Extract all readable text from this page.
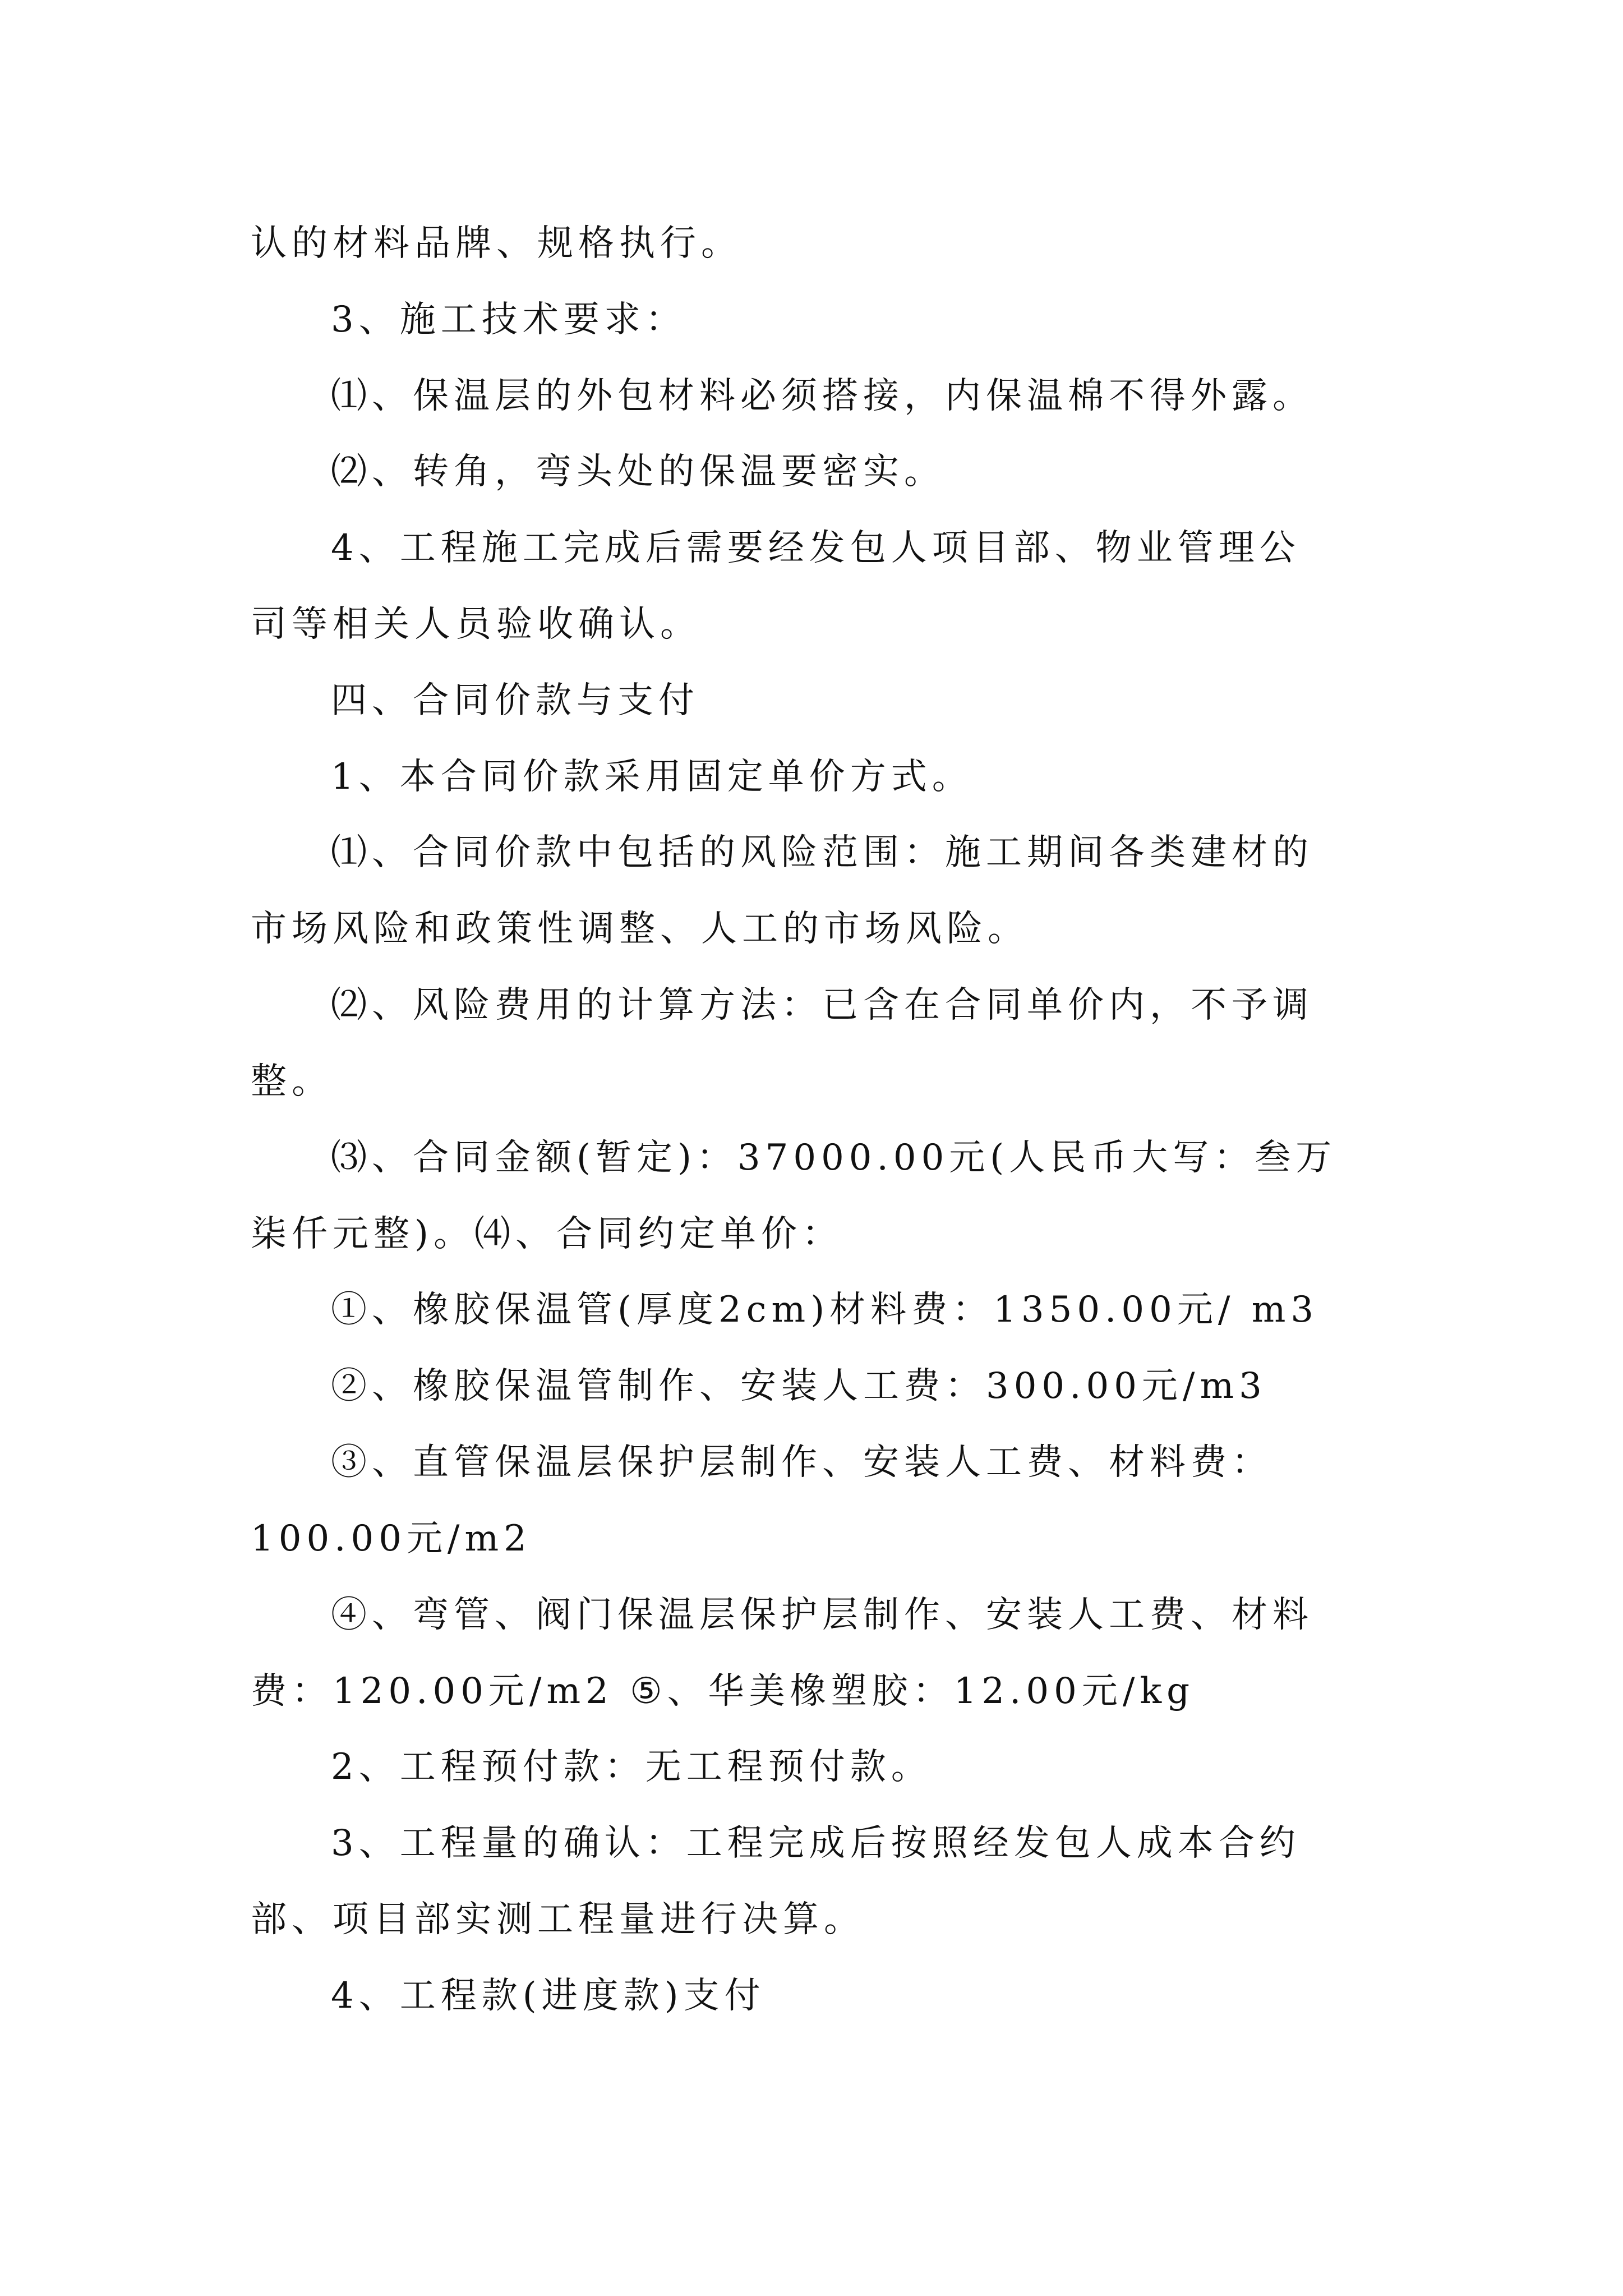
认的材料品牌、规格执行。

3、施工技术要求：

⑴、保温层的外包材料必须搭接，内保温棉不得外露。

⑵、转角，弯头处的保温要密实。

4、工程施工完成后需要经发包人项目部、物业管理公

司等相关人员验收确认。

四、合同价款与支付

1、本合同价款采用固定单价方式。

⑴、合同价款中包括的风险范围：施工期间各类建材的

市场风险和政策性调整、人工的市场风险。

⑵、风险费用的计算方法：已含在合同单价内，不予调

整。

⑶、合同金额(暂定)：37000.00元(人民币大写：叁万

柒仟元整)。⑷、合同约定单价：

①、橡胶保温管(厚度2cm)材料费：1350.00元/ m3

②、橡胶保温管制作、安装人工费：300.00元/m3

③、直管保温层保护层制作、安装人工费、材料费：

100.00元/m2

④、弯管、阀门保温层保护层制作、安装人工费、材料

费：120.00元/m2 ⑤、华美橡塑胶：12.00元/kg

2、工程预付款：无工程预付款。

3、工程量的确认：工程完成后按照经发包人成本合约

部、项目部实测工程量进行决算。

4、工程款(进度款)支付
